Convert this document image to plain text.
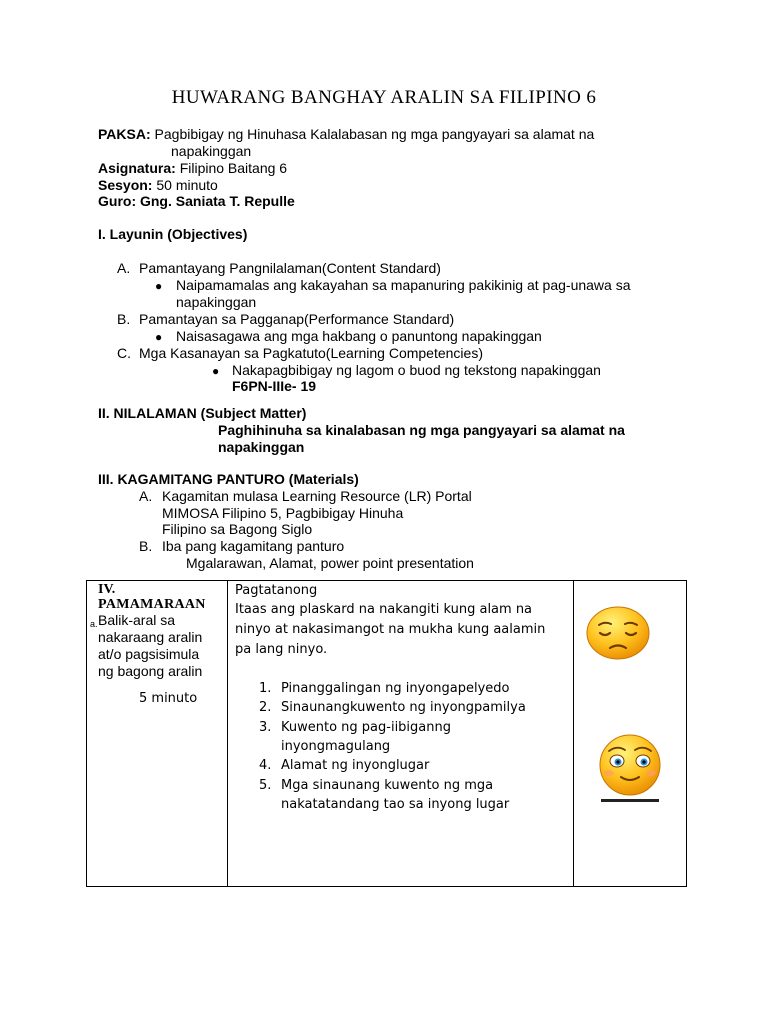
HUWARANG BANGHAY ARALIN SA FILIPINO 6
PAKSA: Pagbibigay ng Hinuhasa Kalalabasan ng mga pangyayari sa alamat na
napakinggan
Asignatura: Filipino Baitang 6
Sesyon: 50 minuto
Guro: Gng. Saniata T. Repulle
I. Layunin (Objectives)
A. Pamantayang Pangnilalaman(Content Standard)
● Naipamamalas ang kakayahan sa mapanuring pakikinig at pag-unawa sa
napakinggan
B. Pamantayan sa Pagganap(Performance Standard)
● Naisasagawa ang mga hakbang o panuntong napakinggan
C. Mga Kasanayan sa Pagkatuto(Learning Competencies)
● Nakapagbibigay ng lagom o buod ng tekstong napakinggan
F6PN-IIIe- 19
II. NILALAMAN (Subject Matter)
Paghihinuha sa kinalabasan ng mga pangyayari sa alamat na
napakinggan
III. KAGAMITANG PANTURO (Materials)
A. Kagamitan mulasa Learning Resource (LR) Portal
MIMOSA Filipino 5, Pagbibigay Hinuha
Filipino sa Bagong Siglo
B. Iba pang kagamitang panturo
Mgalarawan, Alamat, power point presentation
IV.
PAMAMARAAN
a. Balik-aral sa
nakaraang aralin
at/o pagsisimula
ng bagong aralin
5 minuto
Pagtatanong
Itaas ang plaskard na nakangiti kung alam na
ninyo at nakasimangot na mukha kung aalamin
pa lang ninyo.
1. Pinanggalingan ng inyongapelyedo
2. Sinaunangkuwento ng inyongpamilya
3. Kuwento ng pag-iibiganng
inyongmagulang
4. Alamat ng inyonglugar
5. Mga sinaunang kuwento ng mga
nakatatandang tao sa inyong lugar
